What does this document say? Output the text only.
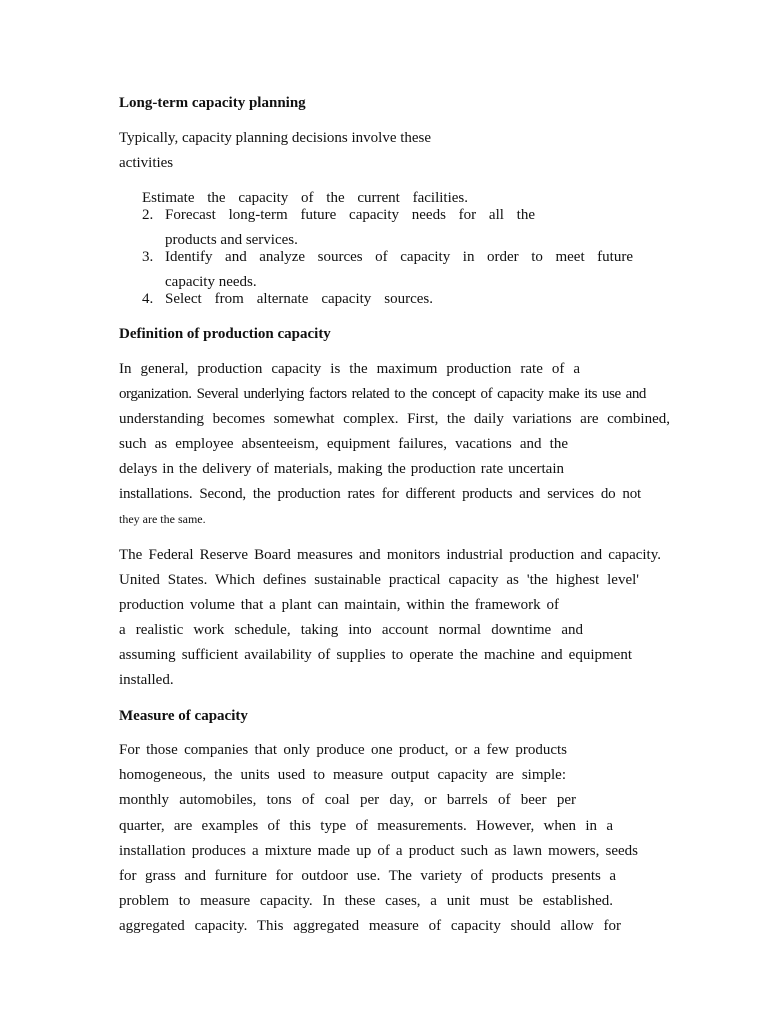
Long-term capacity planning
Typically, capacity planning decisions involve these
activities
Estimate the capacity of the current facilities.
2. Forecast long-term future capacity needs for all the
products and services.
3. Identify and analyze sources of capacity in order to meet future
capacity needs.
4. Select from alternate capacity sources.
Definition of production capacity
In general, production capacity is the maximum production rate of a
organization. Several underlying factors related to the concept of capacity make its use and
understanding becomes somewhat complex. First, the daily variations are combined,
such as employee absenteeism, equipment failures, vacations and the
delays in the delivery of materials, making the production rate uncertain
installations. Second, the production rates for different products and services do not
they are the same.
The Federal Reserve Board measures and monitors industrial production and capacity.
United States. Which defines sustainable practical capacity as 'the highest level'
production volume that a plant can maintain, within the framework of
a realistic work schedule, taking into account normal downtime and
assuming sufficient availability of supplies to operate the machine and equipment
installed.
Measure of capacity
For those companies that only produce one product, or a few products
homogeneous, the units used to measure output capacity are simple:
monthly automobiles, tons of coal per day, or barrels of beer per
quarter, are examples of this type of measurements. However, when in a
installation produces a mixture made up of a product such as lawn mowers, seeds
for grass and furniture for outdoor use. The variety of products presents a
problem to measure capacity. In these cases, a unit must be established.
aggregated capacity. This aggregated measure of capacity should allow for
